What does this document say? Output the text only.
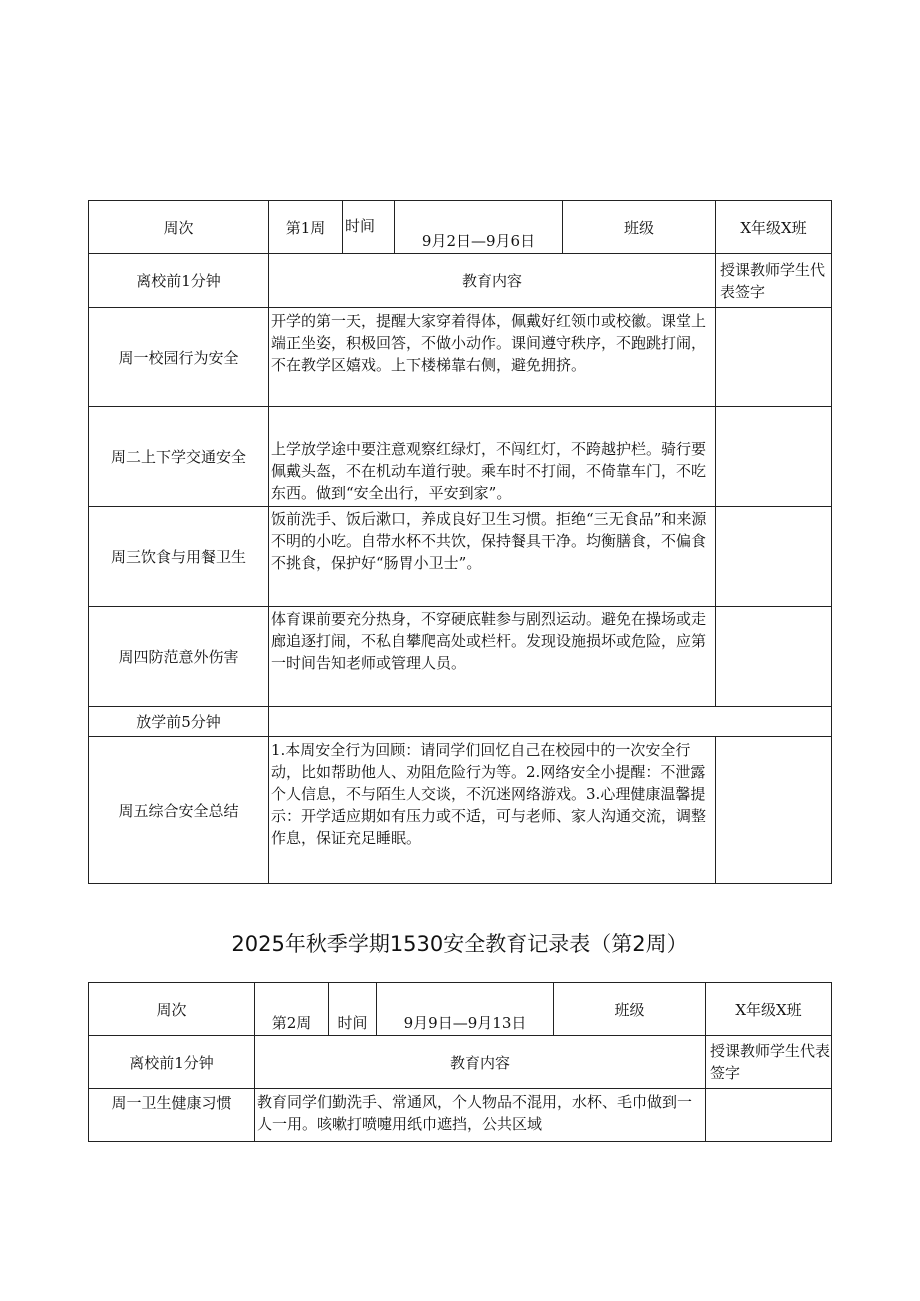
周次	第1周	时间	9月2日—9月6日	班级	X年级X班
离校前1分钟	教育内容				授课教师学生代表签字
周一校园行为安全	开学的第一天，提醒大家穿着得体，佩戴好红领巾或校徽。课堂上端正坐姿，积极回答，不做小动作。课间遵守秩序，不跑跳打闹，不在教学区嬉戏。上下楼梯靠右侧，避免拥挤。				
周二上下学交通安全	上学放学途中要注意观察红绿灯，不闯红灯，不跨越护栏。骑行要佩戴头盔，不在机动车道行驶。乘车时不打闹，不倚靠车门，不吃东西。做到“安全出行，平安到家”。				
周三饮食与用餐卫生	饭前洗手、饭后漱口，养成良好卫生习惯。拒绝“三无食品”和来源不明的小吃。自带水杯不共饮，保持餐具干净。均衡膳食，不偏食不挑食，保护好“肠胃小卫士”。				
周四防范意外伤害	体育课前要充分热身，不穿硬底鞋参与剧烈运动。避免在操场或走廊追逐打闹，不私自攀爬高处或栏杆。发现设施损坏或危险，应第一时间告知老师或管理人员。				
放学前5分钟					
周五综合安全总结	1.本周安全行为回顾：请同学们回忆自己在校园中的一次安全行动，比如帮助他人、劝阻危险行为等。2.网络安全小提醒：不泄露个人信息，不与陌生人交谈，不沉迷网络游戏。3.心理健康温馨提示：开学适应期如有压力或不适，可与老师、家人沟通交流，调整作息，保证充足睡眠。				
2025年秋季学期1530安全教育记录表（第2周）
周次	第2周	时间	9月9日—9月13日	班级	X年级X班
离校前1分钟	教育内容				授课教师学生代表签字
周一卫生健康习惯	教育同学们勤洗手、常通风，个人物品不混用，水杯、毛巾做到一人一用。咳嗽打喷嚏用纸巾遮挡，公共区域				
